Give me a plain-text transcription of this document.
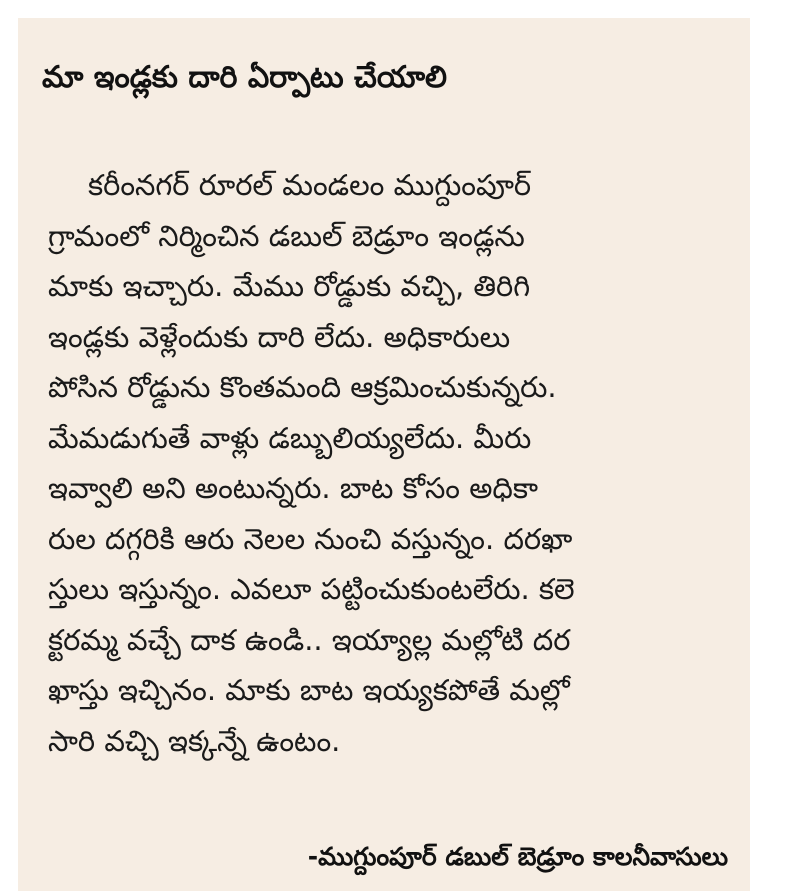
మా ఇండ్లకు దారి ఏర్పాటు చేయాలి
కరీంనగర్ రూరల్ మండలం ముగ్దుంపూర్
గ్రామంలో నిర్మించిన డబుల్ బెడ్రూం ఇండ్లను
మాకు ఇచ్చారు. మేము రోడ్డుకు వచ్చి, తిరిగి
ఇండ్లకు వెళ్లేందుకు దారి లేదు. అధికారులు
పోసిన రోడ్డును కొంతమంది ఆక్రమించుకున్నరు.
మేమడుగుతే వాళ్లు డబ్బులియ్యలేదు. మీరు
ఇవ్వాలి అని అంటున్నరు. బాట కోసం అధికా
రుల దగ్గరికి ఆరు నెలల నుంచి వస్తున్నం. దరఖా
స్తులు ఇస్తున్నం. ఎవలూ పట్టించుకుంటలేరు. కలె
క్టరమ్మ వచ్చే దాక ఉండి.. ఇయ్యాల్ల మల్లోటి దర
ఖాస్తు ఇచ్చినం. మాకు బాట ఇయ్యకపోతే మల్లో
సారి వచ్చి ఇక్కన్నే ఉంటం.

-ముగ్దుంపూర్ డబుల్ బెడ్రూం కాలనీవాసులు
